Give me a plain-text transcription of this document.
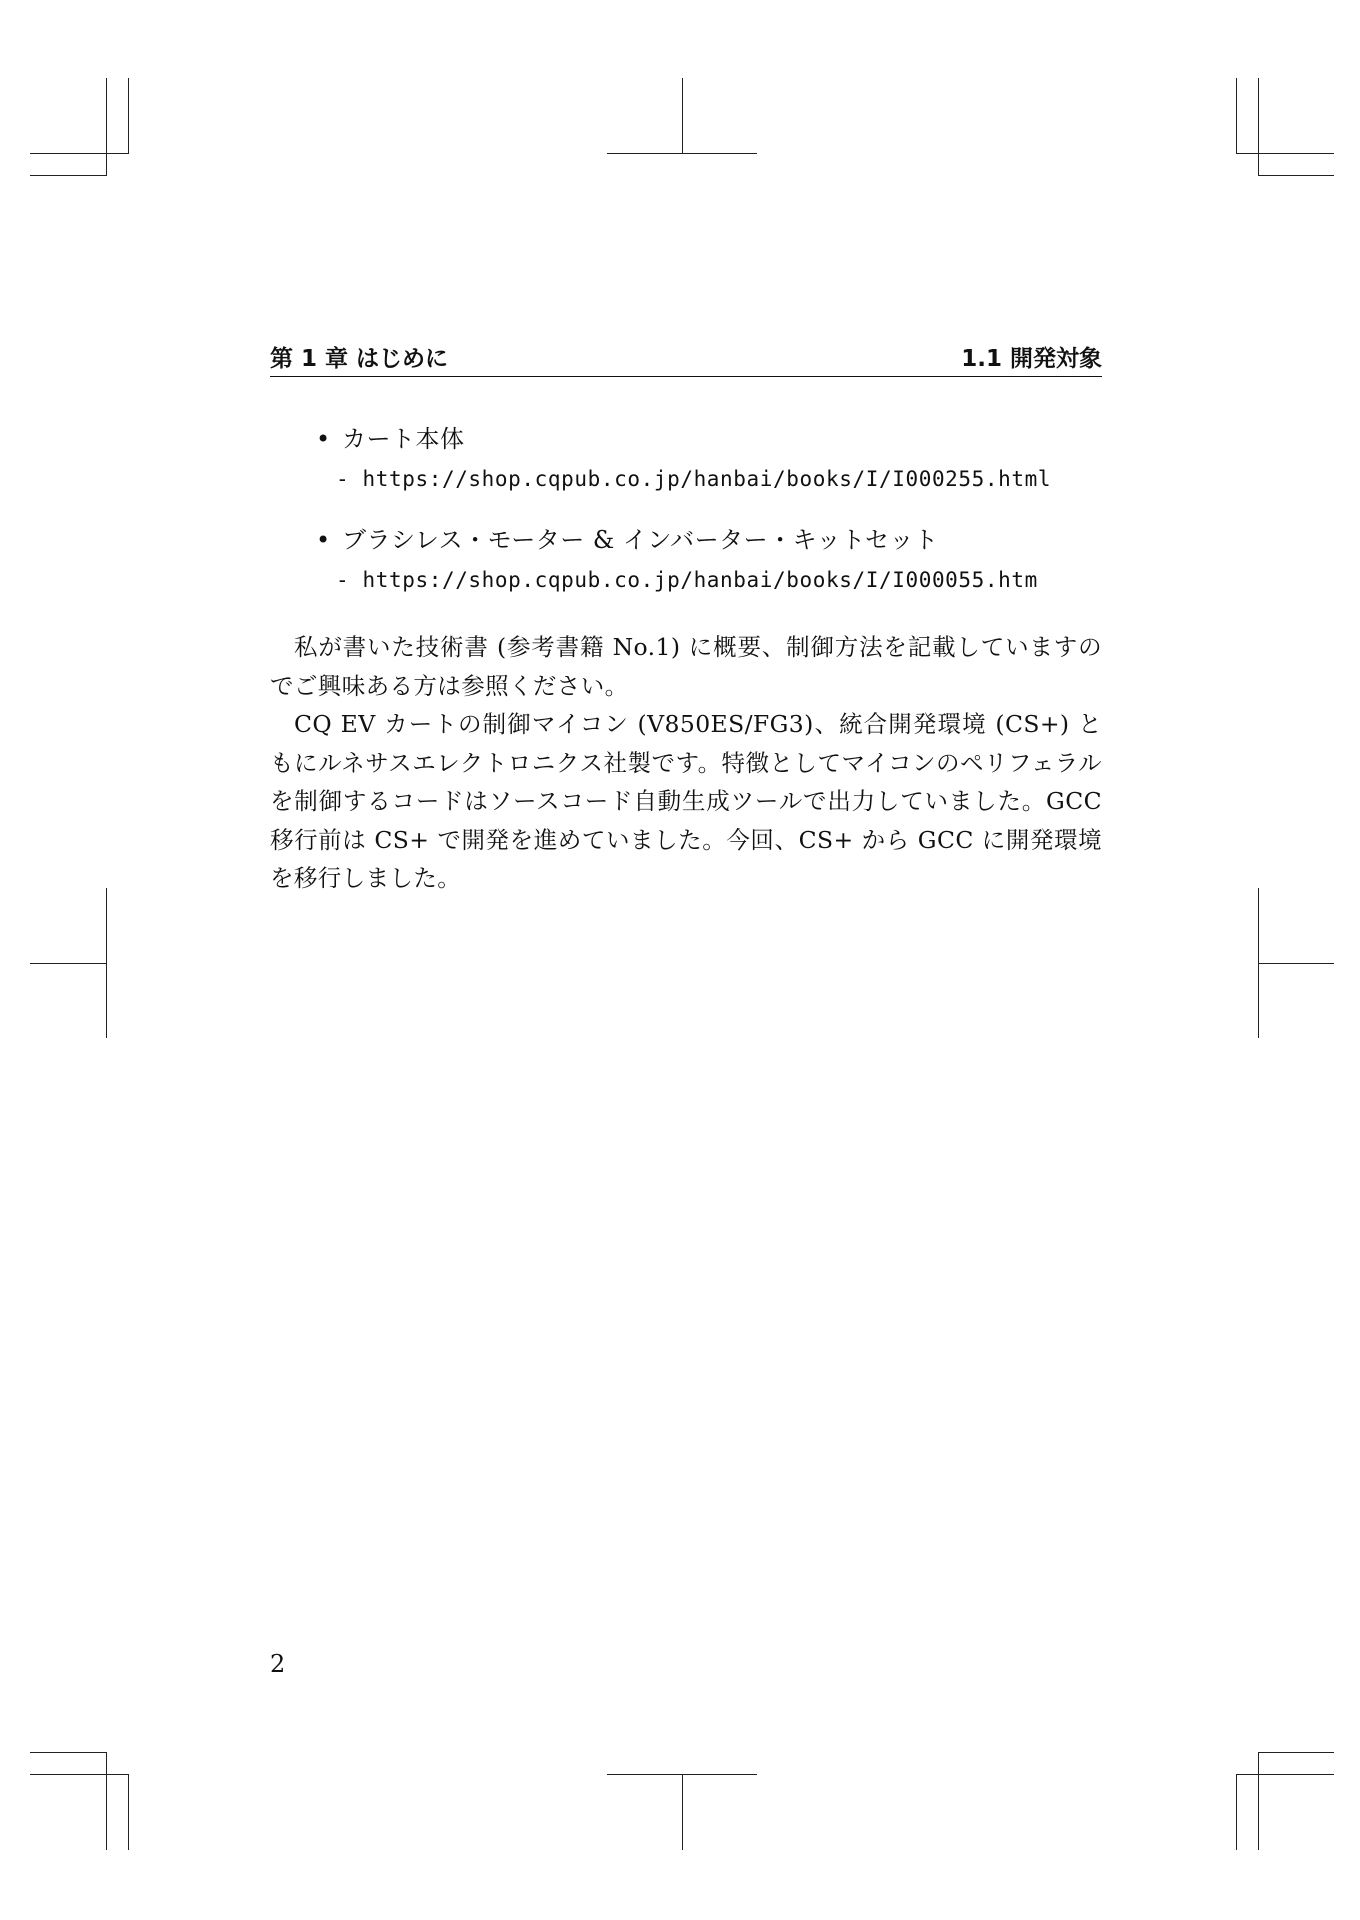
第 1 章 はじめに	1.1 開発対象
• カート本体
- https://shop.cqpub.co.jp/hanbai/books/I/I000255.html
• ブラシレス・モーター & インバーター・キットセット
- https://shop.cqpub.co.jp/hanbai/books/I/I000055.htm

私が書いた技術書 (参考書籍 No.1) に概要、制御方法を記載していますのでご興味ある方は参照ください。

CQ EV カートの制御マイコン (V850ES/FG3)、統合開発環境 (CS+) ともにルネサスエレクトロニクス社製です。特徴としてマイコンのペリフェラルを制御するコードはソースコード自動生成ツールで出力していました。GCC 移行前は CS+ で開発を進めていました。今回、CS+ から GCC に開発環境を移行しました。

2
